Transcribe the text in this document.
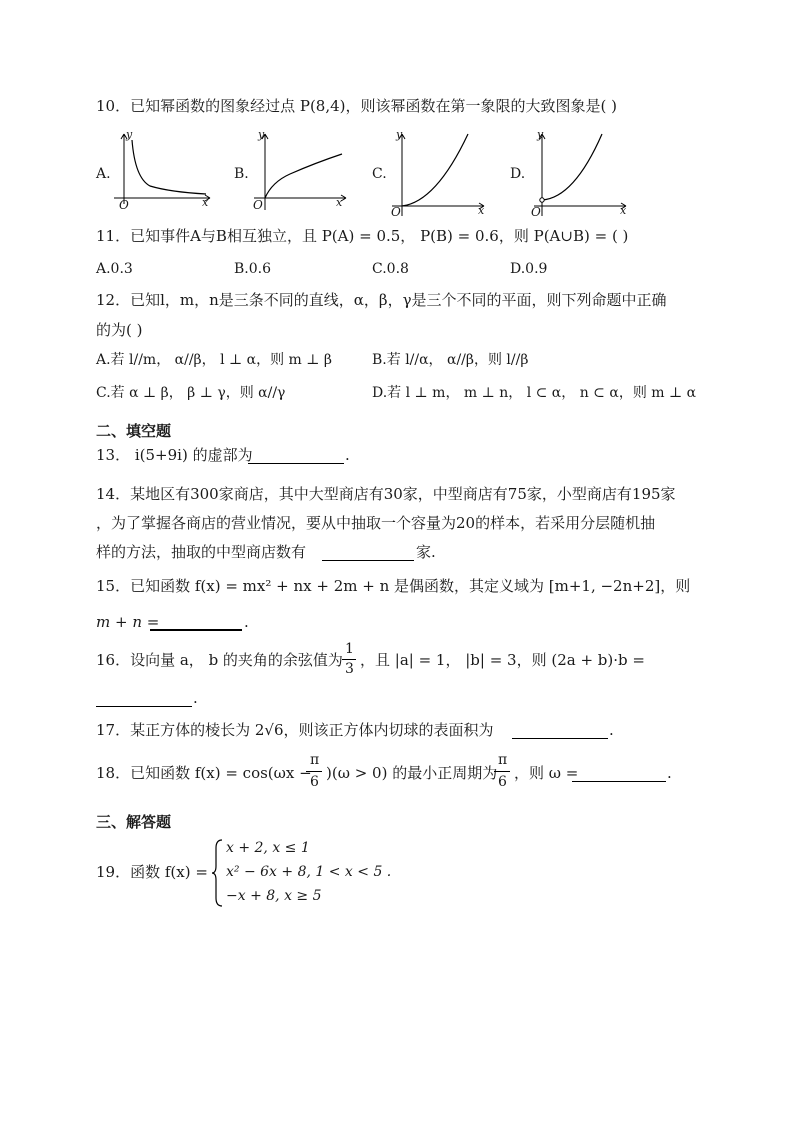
10．已知幂函数的图象经过点 P(8,4)，则该幂函数在第一象限的大致图象是( )
A.
y
x
O
B.
y
x
O
C.
y
x
O
D.
y
x
O
11．已知事件A与B相互独立，且 P(A) = 0.5， P(B) = 0.6，则 P(A∪B) = ( )
A.0.3	B.0.6	C.0.8	D.0.9
12．已知l，m，n是三条不同的直线，α，β，γ是三个不同的平面，则下列命题中正确
的为( )
A.若 l//m， α//β， l ⊥ α，则 m ⊥ β	B.若 l//α， α//β，则 l//β
C.若 α ⊥ β， β ⊥ γ，则 α//γ	D.若 l ⊥ m， m ⊥ n， l ⊂ α， n ⊂ α，则 m ⊥ α
二、填空题
13． i(5+9i) 的虚部为	.
14．某地区有300家商店，其中大型商店有30家，中型商店有75家，小型商店有195家
，为了掌握各商店的营业情况，要从中抽取一个容量为20的样本，若采用分层随机抽
样的方法，抽取的中型商店数有	家.
15．已知函数 f(x) = mx² + nx + 2m + n 是偶函数，其定义域为 [m+1, −2n+2]，则
m + n =	.
16．设向量 a， b 的夹角的余弦值为
1
3 ，且 |a| = 1， |b| = 3，则 (2a + b)·b =
.
17．某正方体的棱长为 2√6，则该正方体内切球的表面积为	.
18．已知函数 f(x) = cos(ωx −
π
6 )(ω > 0) 的最小正周期为
π
6 ，则 ω =	.
三、解答题
19．函数 f(x) =
x + 2, x ≤ 1
x² − 6x + 8, 1 < x < 5 .
−x + 8, x ≥ 5
